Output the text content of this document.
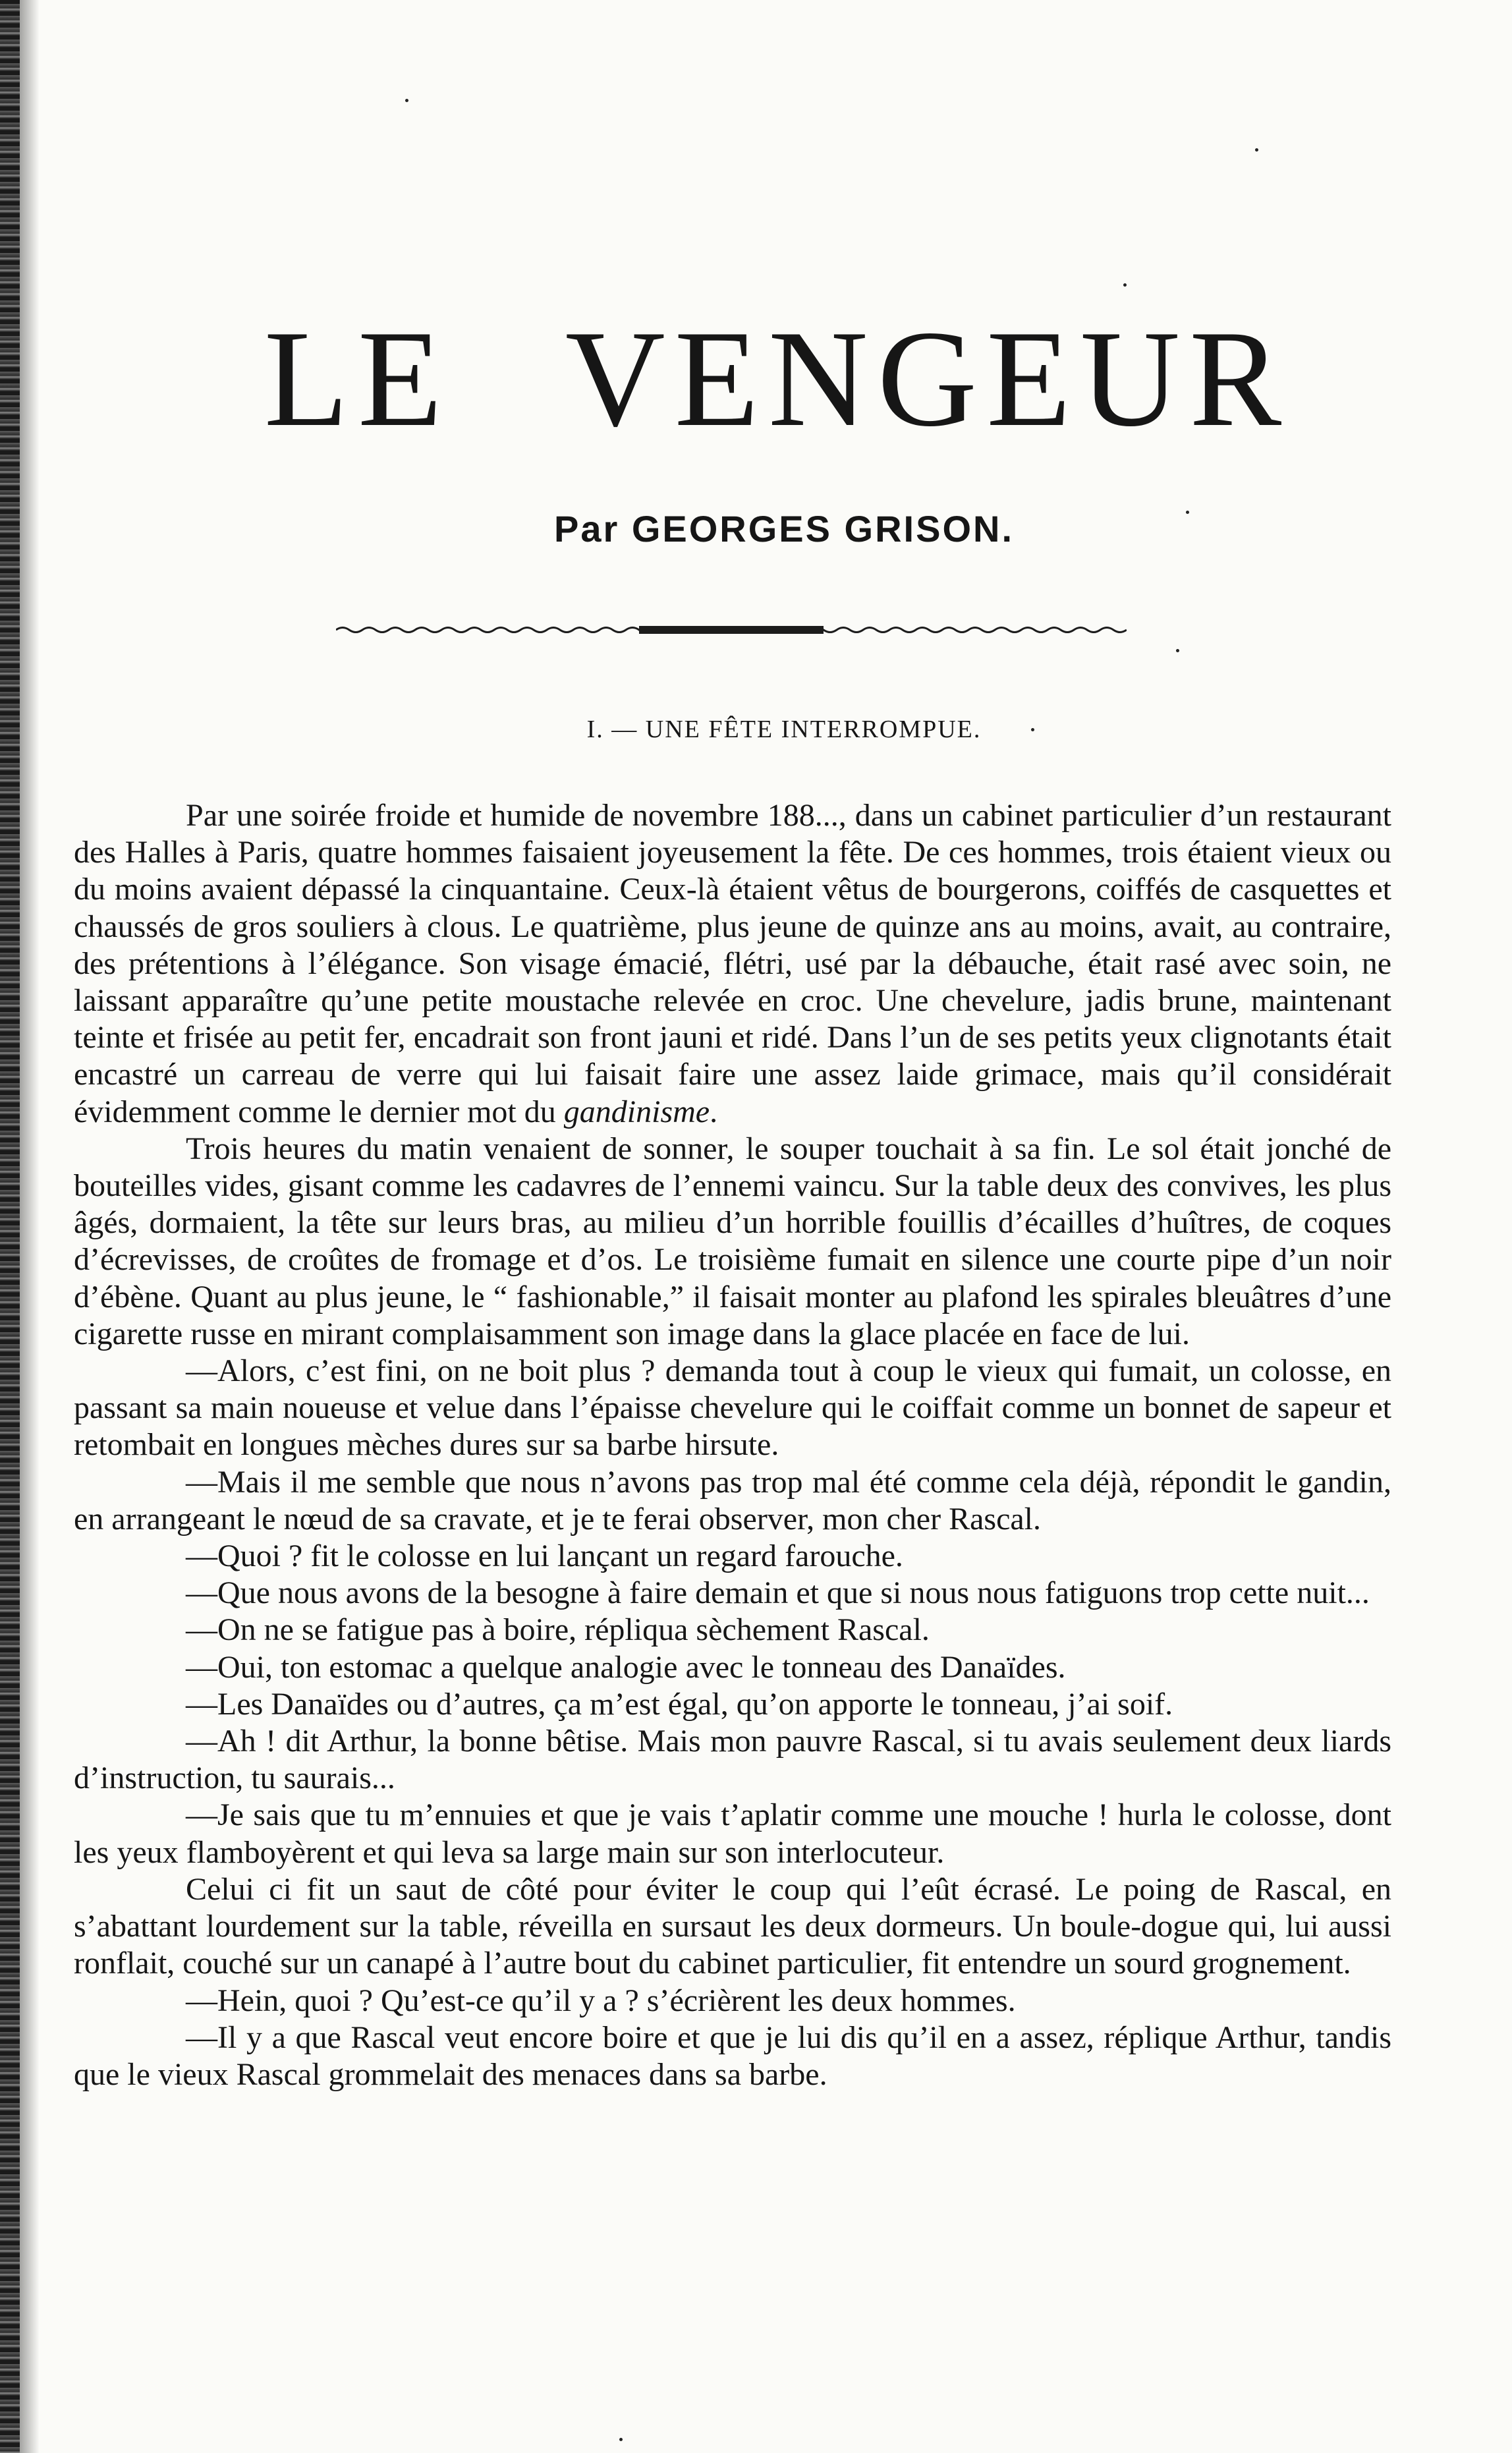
LE VENGEUR
Par GEORGES GRISON.
I. — UNE FÊTE INTERROMPUE.

Par une soirée froide et humide de novembre 188..., dans un cabinet particulier d’un restaurant des Halles à Paris, quatre hommes faisaient joyeusement la fête. De ces hommes, trois étaient vieux ou du moins avaient dépassé la cinquantaine. Ceux-là étaient vêtus de bourgerons, coiffés de casquettes et chaussés de gros souliers à clous. Le quatrième, plus jeune de quinze ans au moins, avait, au contraire, des prétentions à l’élégance. Son visage émacié, flétri, usé par la débauche, était rasé avec soin, ne laissant apparaître qu’une petite moustache relevée en croc. Une chevelure, jadis brune, maintenant teinte et frisée au petit fer, encadrait son front jauni et ridé. Dans l’un de ses petits yeux clignotants était encastré un carreau de verre qui lui faisait faire une assez laide grimace, mais qu’il considérait évidemment comme le dernier mot du gandinisme.

Trois heures du matin venaient de sonner, le souper touchait à sa fin. Le sol était jonché de bouteilles vides, gisant comme les cadavres de l’ennemi vaincu. Sur la table deux des convives, les plus âgés, dormaient, la tête sur leurs bras, au milieu d’un horrible fouillis d’écailles d’huîtres, de coques d’écrevisses, de croûtes de fromage et d’os. Le troisième fumait en silence une courte pipe d’un noir d’ébène. Quant au plus jeune, le “ fashionable,” il faisait monter au plafond les spirales bleuâtres d’une cigarette russe en mirant complaisamment son image dans la glace placée en face de lui.

—Alors, c’est fini, on ne boit plus ? demanda tout à coup le vieux qui fumait, un colosse, en passant sa main noueuse et velue dans l’épaisse chevelure qui le coiffait comme un bonnet de sapeur et retombait en longues mèches dures sur sa barbe hirsute.

—Mais il me semble que nous n’avons pas trop mal été comme cela déjà, répondit le gandin, en arrangeant le nœud de sa cravate, et je te ferai observer, mon cher Rascal.

—Quoi ? fit le colosse en lui lançant un regard farouche.

—Que nous avons de la besogne à faire demain et que si nous nous fatiguons trop cette nuit...

—On ne se fatigue pas à boire, répliqua sèchement Rascal.

—Oui, ton estomac a quelque analogie avec le tonneau des Danaïdes.

—Les Danaïdes ou d’autres, ça m’est égal, qu’on apporte le tonneau, j’ai soif.

—Ah ! dit Arthur, la bonne bêtise. Mais mon pauvre Rascal, si tu avais seulement deux liards d’instruction, tu saurais...

—Je sais que tu m’ennuies et que je vais t’aplatir comme une mouche ! hurla le colosse, dont les yeux flamboyèrent et qui leva sa large main sur son interlocuteur.

Celui ci fit un saut de côté pour éviter le coup qui l’eût écrasé. Le poing de Rascal, en s’abattant lourdement sur la table, réveilla en sursaut les deux dormeurs. Un boule-dogue qui, lui aussi ronflait, couché sur un canapé à l’autre bout du cabinet particulier, fit entendre un sourd grognement.

—Hein, quoi ? Qu’est-ce qu’il y a ? s’écrièrent les deux hommes.

—Il y a que Rascal veut encore boire et que je lui dis qu’il en a assez, réplique Arthur, tandis que le vieux Rascal grommelait des menaces dans sa barbe.
